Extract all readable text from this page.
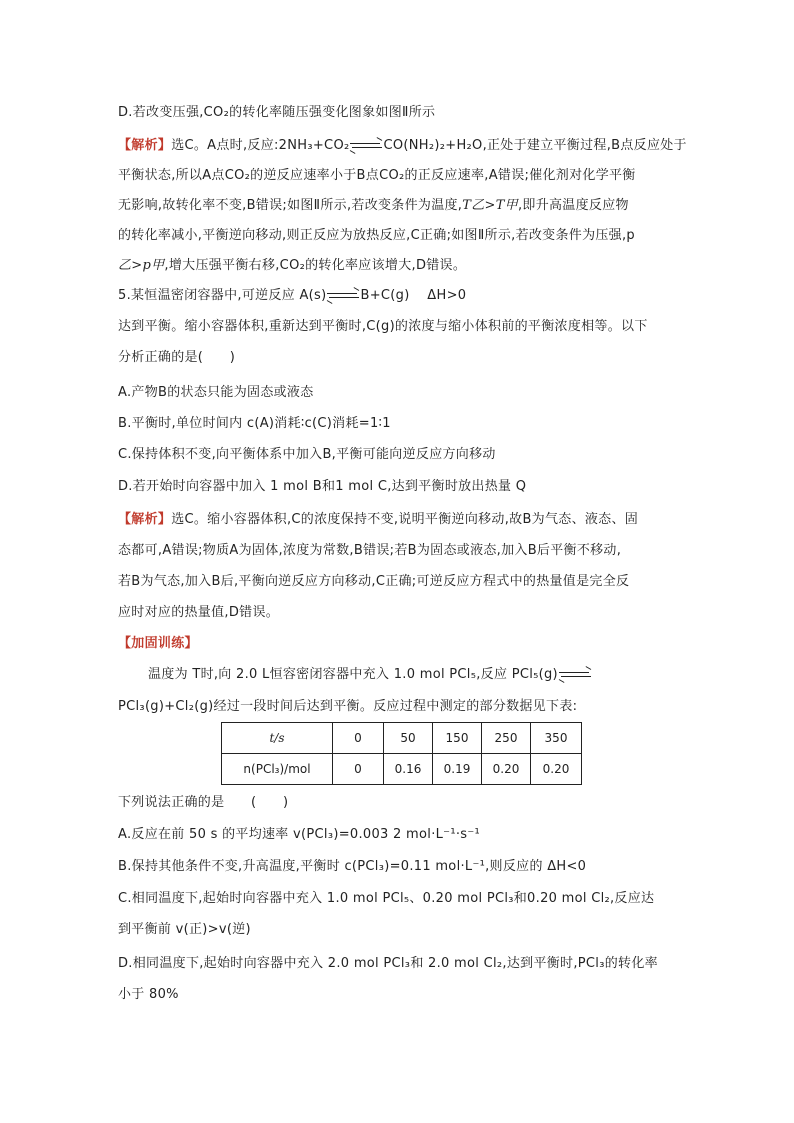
D.若改变压强,CO₂的转化率随压强变化图象如图Ⅱ所示
【解析】选C。A点时,反应:2NH₃+CO₂	CO(NH₂)₂+H₂O,正处于建立平衡过程,B点反应处于
平衡状态,所以A点CO₂的逆反应速率小于B点CO₂的正反应速率,A错误;催化剂对化学平衡
无影响,故转化率不变,B错误;如图Ⅱ所示,若改变条件为温度,T乙>T甲,即升高温度反应物
的转化率减小,平衡逆向移动,则正反应为放热反应,C正确;如图Ⅱ所示,若改变条件为压强,p
乙>p甲,增大压强平衡右移,CO₂的转化率应该增大,D错误。
5.某恒温密闭容器中,可逆反应 A(s)	B+C(g)　 ΔH>0
达到平衡。缩小容器体积,重新达到平衡时,C(g)的浓度与缩小体积前的平衡浓度相等。以下
分析正确的是(　　)
A.产物B的状态只能为固态或液态
B.平衡时,单位时间内 c(A)消耗∶c(C)消耗=1∶1
C.保持体积不变,向平衡体系中加入B,平衡可能向逆反应方向移动
D.若开始时向容器中加入 1 mol B和1 mol C,达到平衡时放出热量 Q
【解析】选C。缩小容器体积,C的浓度保持不变,说明平衡逆向移动,故B为气态、液态、固
态都可,A错误;物质A为固体,浓度为常数,B错误;若B为固态或液态,加入B后平衡不移动,
若B为气态,加入B后,平衡向逆反应方向移动,C正确;可逆反应方程式中的热量值是完全反
应时对应的热量值,D错误。
【加固训练】
温度为 T时,向 2.0 L恒容密闭容器中充入 1.0 mol PCl₅,反应 PCl₅(g)
PCl₃(g)+Cl₂(g)经过一段时间后达到平衡。反应过程中测定的部分数据见下表:
t/s	0	50	150	250	350
n(PCl₃)/mol	0	0.16	0.19	0.20	0.20
下列说法正确的是　　(　　)
A.反应在前 50 s 的平均速率 v(PCl₃)=0.003 2 mol·L⁻¹·s⁻¹
B.保持其他条件不变,升高温度,平衡时 c(PCl₃)=0.11 mol·L⁻¹,则反应的 ΔH<0
C.相同温度下,起始时向容器中充入 1.0 mol PCl₅、0.20 mol PCl₃和0.20 mol Cl₂,反应达
到平衡前 v(正)>v(逆)
D.相同温度下,起始时向容器中充入 2.0 mol PCl₃和 2.0 mol Cl₂,达到平衡时,PCl₃的转化率
小于 80%
